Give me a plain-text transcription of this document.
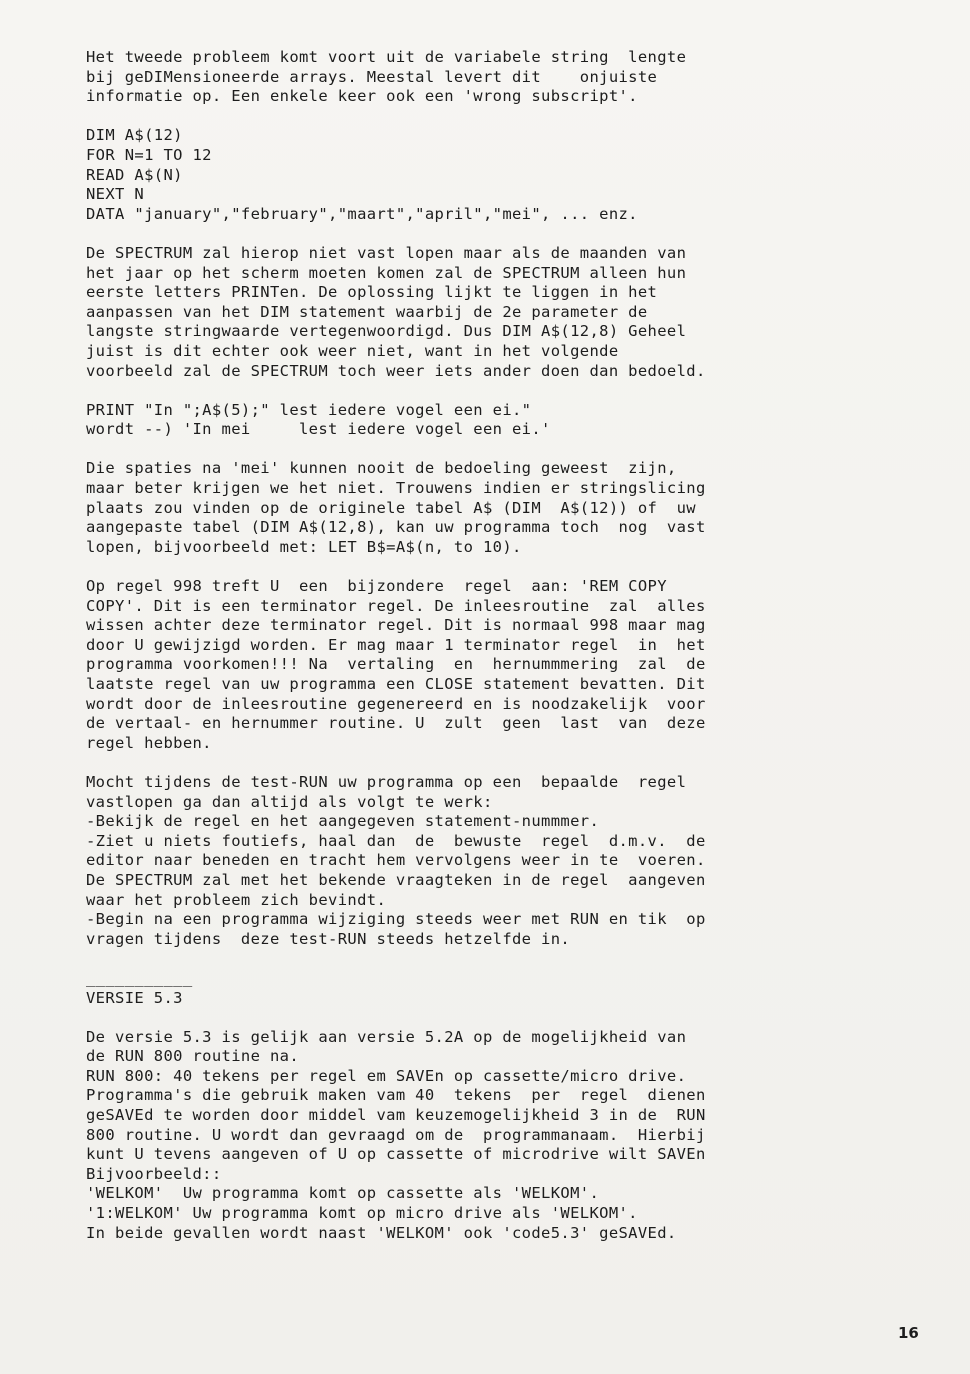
Het tweede probleem komt voort uit de variabele string  lengte
bij geDIMensioneerde arrays. Meestal levert dit    onjuiste
informatie op. Een enkele keer ook een 'wrong subscript'.
DIM A$(12)
FOR N=1 TO 12
READ A$(N)
NEXT N
DATA "january","february","maart","april","mei", ... enz.
De SPECTRUM zal hierop niet vast lopen maar als de maanden van
het jaar op het scherm moeten komen zal de SPECTRUM alleen hun
eerste letters PRINTen. De oplossing lijkt te liggen in het
aanpassen van het DIM statement waarbij de 2e parameter de
langste stringwaarde vertegenwoordigd. Dus DIM A$(12,8) Geheel
juist is dit echter ook weer niet, want in het volgende
voorbeeld zal de SPECTRUM toch weer iets ander doen dan bedoeld.
PRINT "In ";A$(5);" lest iedere vogel een ei."
wordt --) 'In mei     lest iedere vogel een ei.'
Die spaties na 'mei' kunnen nooit de bedoeling geweest  zijn,
maar beter krijgen we het niet. Trouwens indien er stringslicing
plaats zou vinden op de originele tabel A$ (DIM  A$(12)) of  uw
aangepaste tabel (DIM A$(12,8), kan uw programma toch  nog  vast
lopen, bijvoorbeeld met: LET B$=A$(n, to 10).
Op regel 998 treft U  een  bijzondere  regel  aan: 'REM COPY
COPY'. Dit is een terminator regel. De inleesroutine  zal  alles
wissen achter deze terminator regel. Dit is normaal 998 maar mag
door U gewijzigd worden. Er mag maar 1 terminator regel  in  het
programma voorkomen!!! Na  vertaling  en  hernummmering  zal  de
laatste regel van uw programma een CLOSE statement bevatten. Dit
wordt door de inleesroutine gegenereerd en is noodzakelijk  voor
de vertaal- en hernummer routine. U  zult  geen  last  van  deze
regel hebben.
Mocht tijdens de test-RUN uw programma op een  bepaalde  regel
vastlopen ga dan altijd als volgt te werk:
-Bekijk de regel en het aangegeven statement-nummmer.
-Ziet u niets foutiefs, haal dan  de  bewuste  regel  d.m.v.  de
editor naar beneden en tracht hem vervolgens weer in te  voeren.
De SPECTRUM zal met het bekende vraagteken in de regel  aangeven
waar het probleem zich bevindt.
-Begin na een programma wijziging steeds weer met RUN en tik  op
vragen tijdens  deze test-RUN steeds hetzelfde in.
___________
VERSIE 5.3
De versie 5.3 is gelijk aan versie 5.2A op de mogelijkheid van
de RUN 800 routine na.
RUN 800: 40 tekens per regel em SAVEn op cassette/micro drive.
Programma's die gebruik maken vam 40  tekens  per  regel  dienen
geSAVEd te worden door middel vam keuzemogelijkheid 3 in de  RUN
800 routine. U wordt dan gevraagd om de  programmanaam.  Hierbij
kunt U tevens aangeven of U op cassette of microdrive wilt SAVEn
Bijvoorbeeld::
'WELKOM'  Uw programma komt op cassette als 'WELKOM'.
'1:WELKOM' Uw programma komt op micro drive als 'WELKOM'.
In beide gevallen wordt naast 'WELKOM' ook 'code5.3' geSAVEd.
16
